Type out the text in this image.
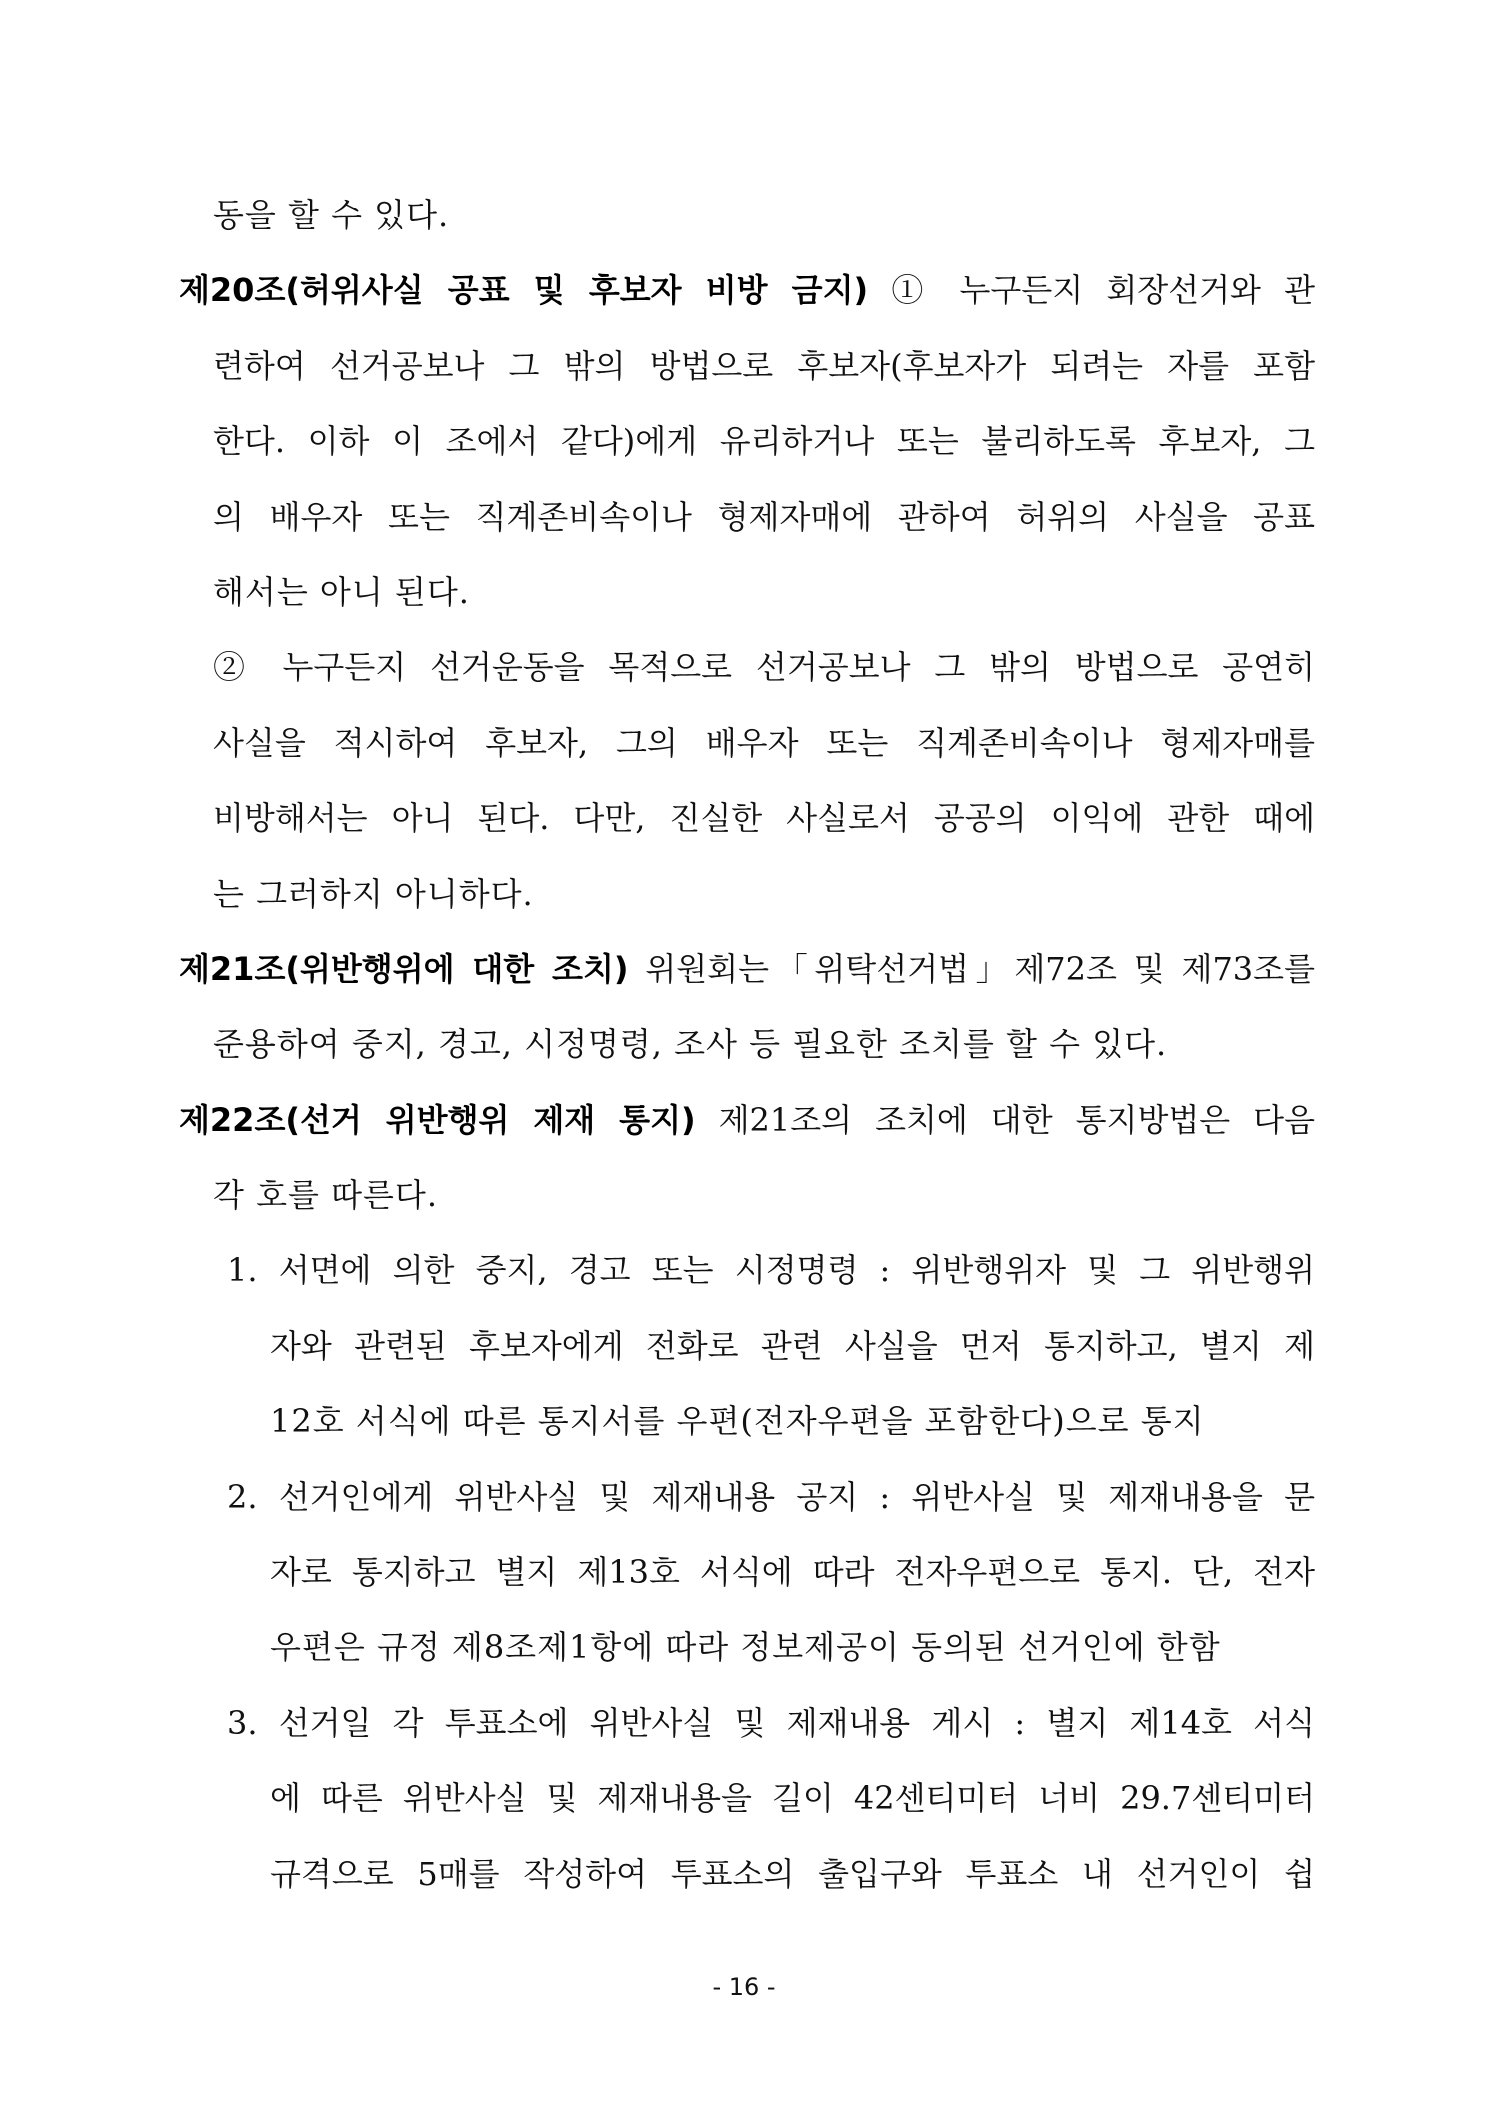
동을 할 수 있다.
제20조(허위사실 공표 및 후보자 비방 금지) ① 누구든지 회장선거와 관
련하여 선거공보나 그 밖의 방법으로 후보자(후보자가 되려는 자를 포함
한다. 이하 이 조에서 같다)에게 유리하거나 또는 불리하도록 후보자, 그
의 배우자 또는 직계존비속이나 형제자매에 관하여 허위의 사실을 공표
해서는 아니 된다.
② 누구든지 선거운동을 목적으로 선거공보나 그 밖의 방법으로 공연히
사실을 적시하여 후보자, 그의 배우자 또는 직계존비속이나 형제자매를
비방해서는 아니 된다. 다만, 진실한 사실로서 공공의 이익에 관한 때에
는 그러하지 아니하다.
제21조(위반행위에 대한 조치) 위원회는「위탁선거법」제72조 및 제73조를
준용하여 중지, 경고, 시정명령, 조사 등 필요한 조치를 할 수 있다.
제22조(선거 위반행위 제재 통지) 제21조의 조치에 대한 통지방법은 다음
각 호를 따른다.
1. 서면에 의한 중지, 경고 또는 시정명령 : 위반행위자 및 그 위반행위
자와 관련된 후보자에게 전화로 관련 사실을 먼저 통지하고, 별지 제
12호 서식에 따른 통지서를 우편(전자우편을 포함한다)으로 통지
2. 선거인에게 위반사실 및 제재내용 공지 : 위반사실 및 제재내용을 문
자로 통지하고 별지 제13호 서식에 따라 전자우편으로 통지. 단, 전자
우편은 규정 제8조제1항에 따라 정보제공이 동의된 선거인에 한함
3. 선거일 각 투표소에 위반사실 및 제재내용 게시 : 별지 제14호 서식
에 따른 위반사실 및 제재내용을 길이 42센티미터 너비 29.7센티미터
규격으로 5매를 작성하여 투표소의 출입구와 투표소 내 선거인이 쉽
- 16 -
